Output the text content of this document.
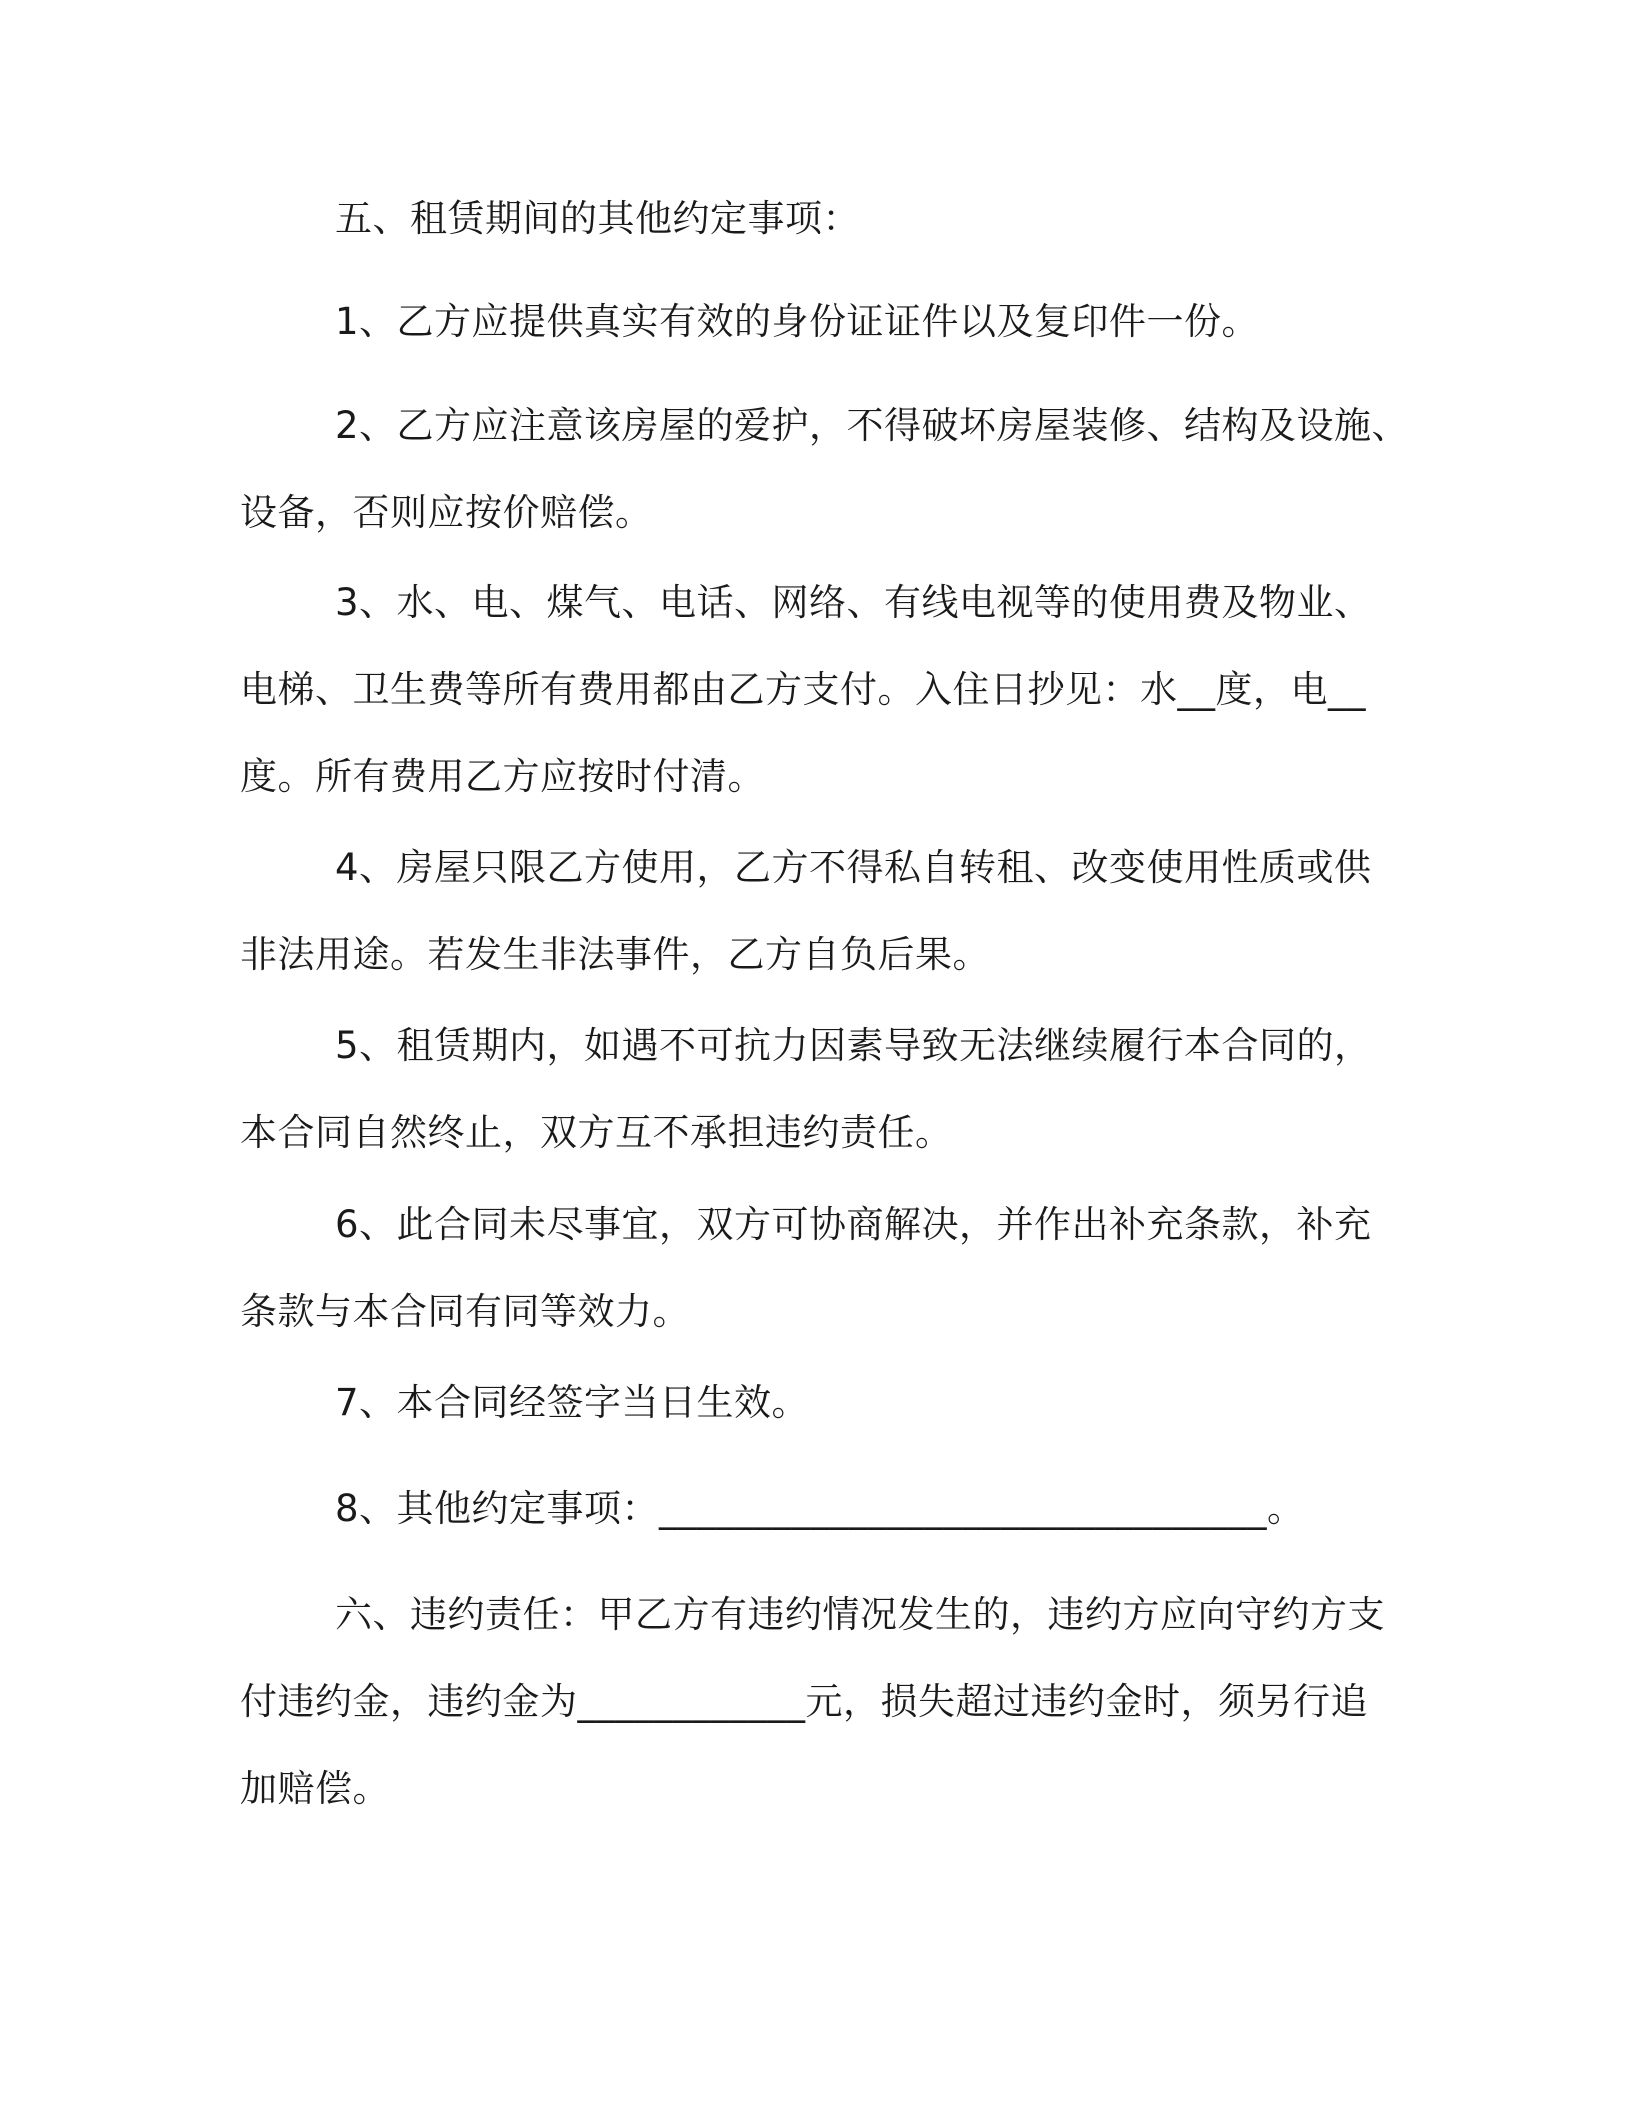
五、租赁期间的其他约定事项：

1、乙方应提供真实有效的身份证证件以及复印件一份。

2、乙方应注意该房屋的爱护，不得破坏房屋装修、结构及设施、
设备，否则应按价赔偿。

3、水、电、煤气、电话、网络、有线电视等的使用费及物业、
电梯、卫生费等所有费用都由乙方支付。入住日抄见：水__度，电__
度。所有费用乙方应按时付清。

4、房屋只限乙方使用，乙方不得私自转租、改变使用性质或供
非法用途。若发生非法事件，乙方自负后果。

5、租赁期内，如遇不可抗力因素导致无法继续履行本合同的，
本合同自然终止，双方互不承担违约责任。

6、此合同未尽事宜，双方可协商解决，并作出补充条款，补充
条款与本合同有同等效力。

7、本合同经签字当日生效。

8、其他约定事项：________________________________。

六、违约责任：甲乙方有违约情况发生的，违约方应向守约方支
付违约金，违约金为____________元，损失超过违约金时，须另行追
加赔偿。
